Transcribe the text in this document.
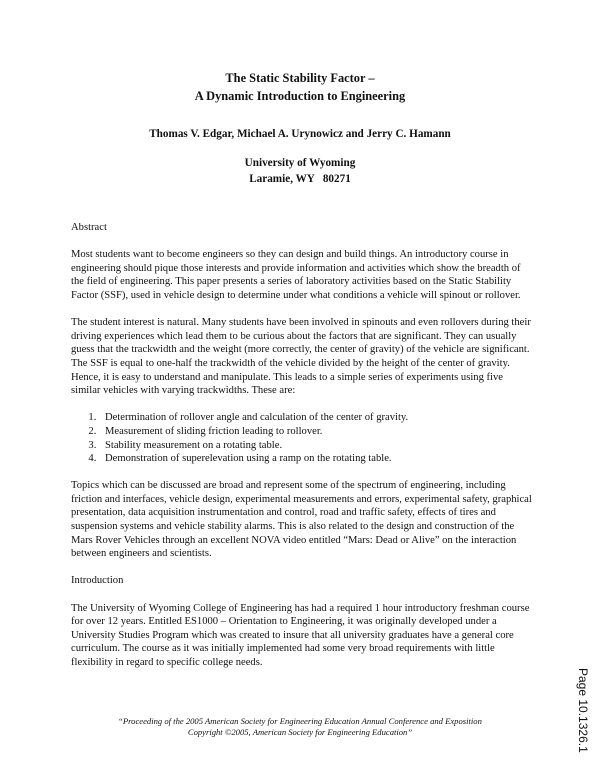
The Static Stability Factor –
A Dynamic Introduction to Engineering
Thomas V. Edgar, Michael A. Urynowicz and Jerry C. Hamann
University of Wyoming
Laramie, WY   80271
Abstract

Most students want to become engineers so they can design and build things. An introductory course in engineering should pique those interests and provide information and activities which show the breadth of the field of engineering. This paper presents a series of laboratory activities based on the Static Stability Factor (SSF), used in vehicle design to determine under what conditions a vehicle will spinout or rollover.

The student interest is natural. Many students have been involved in spinouts and even rollovers during their driving experiences which lead them to be curious about the factors that are significant. They can usually guess that the trackwidth and the weight (more correctly, the center of gravity) of the vehicle are significant. The SSF is equal to one-half the trackwidth of the vehicle divided by the height of the center of gravity. Hence, it is easy to understand and manipulate. This leads to a simple series of experiments using five similar vehicles with varying trackwidths. These are:

1. Determination of rollover angle and calculation of the center of gravity.
2. Measurement of sliding friction leading to rollover.
3. Stability measurement on a rotating table.
4. Demonstration of superelevation using a ramp on the rotating table.

Topics which can be discussed are broad and represent some of the spectrum of engineering, including friction and interfaces, vehicle design, experimental measurements and errors, experimental safety, graphical presentation, data acquisition instrumentation and control, road and traffic safety, effects of tires and suspension systems and vehicle stability alarms. This is also related to the design and construction of the Mars Rover Vehicles through an excellent NOVA video entitled “Mars: Dead or Alive” on the interaction between engineers and scientists.

Introduction

The University of Wyoming College of Engineering has had a required 1 hour introductory freshman course for over 12 years. Entitled ES1000 – Orientation to Engineering, it was originally developed under a University Studies Program which was created to insure that all university graduates have a general core curriculum. The course as it was initially implemented had some very broad requirements with little flexibility in regard to specific college needs.

“Proceeding of the 2005 American Society for Engineering Education Annual Conference and Exposition
Copyright ©2005, American Society for Engineering Education”	Page 10.1326.1
